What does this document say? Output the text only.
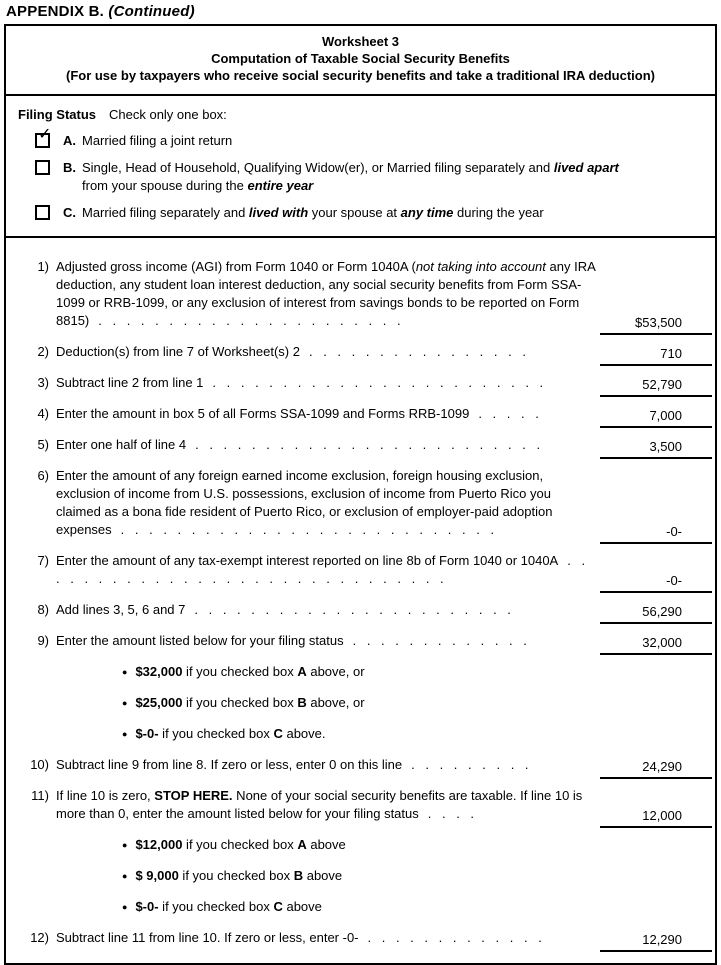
APPENDIX B. (Continued)
Worksheet 3
Computation of Taxable Social Security Benefits
(For use by taxpayers who receive social security benefits and take a traditional IRA deduction)
Filing Status Check only one box:
✓ A. Married filing a joint return
B. Single, Head of Household, Qualifying Widow(er), or Married filing separately and lived apart from your spouse during the entire year
C. Married filing separately and lived with your spouse at any time during the year
1) Adjusted gross income (AGI) from Form 1040 or Form 1040A (not taking into account any IRA deduction, any student loan interest deduction, any social security benefits from Form SSA-1099 or RRB-1099, or any exclusion of interest from savings bonds to be reported on Form 8815) . . . . . . . . . . . . . . . . . . . . . .	$53,500
2) Deduction(s) from line 7 of Worksheet(s) 2 . . . . . . . . . . . . . . . .	710
3) Subtract line 2 from line 1 . . . . . . . . . . . . . . . . . . . . . . . .	52,790
4) Enter the amount in box 5 of all Forms SSA-1099 and Forms RRB-1099 . . . . .	7,000
5) Enter one half of line 4 . . . . . . . . . . . . . . . . . . . . . . . . .	3,500
6) Enter the amount of any foreign earned income exclusion, foreign housing exclusion, exclusion of income from U.S. possessions, exclusion of income from Puerto Rico you claimed as a bona fide resident of Puerto Rico, or exclusion of employer-paid adoption expenses . . . . . . . . . . . . . . . . . . . . . . . . . . .	-0-
7) Enter the amount of any tax-exempt interest reported on line 8b of Form 1040 or 1040A . . . . . . . . . . . . . . . . . . . . . . . . . . . . . .	-0-
8) Add lines 3, 5, 6 and 7 . . . . . . . . . . . . . . . . . . . . . . .	56,290
9) Enter the amount listed below for your filing status . . . . . . . . . . . . .	32,000
● $32,000 if you checked box A above, or
● $25,000 if you checked box B above, or
● $-0- if you checked box C above.
10) Subtract line 9 from line 8. If zero or less, enter 0 on this line . . . . . . . . .	24,290
11) If line 10 is zero, STOP HERE. None of your social security benefits are taxable. If line 10 is more than 0, enter the amount listed below for your filing status . . . .	12,000
● $12,000 if you checked box A above
● $ 9,000 if you checked box B above
● $-0- if you checked box C above
12) Subtract line 11 from line 10. If zero or less, enter -0- . . . . . . . . . . . . .	12,290
